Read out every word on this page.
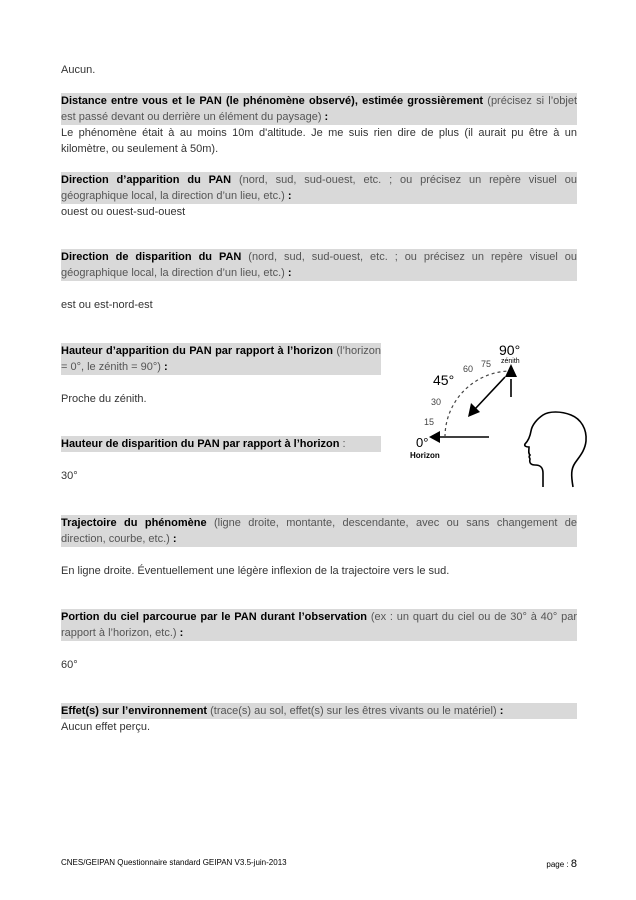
Aucun.
Distance entre vous et le PAN (le phénomène observé), estimée grossièrement (précisez si l’objet est passé devant ou derrière un élément du paysage) :
Le phénomène était à au moins 10m d'altitude. Je me suis rien dire de plus (il aurait pu être à un kilomètre, ou seulement à 50m).
Direction d’apparition du PAN (nord, sud, sud-ouest, etc. ; ou précisez un repère visuel ou géographique local, la direction d’un lieu, etc.) :
ouest ou ouest-sud-ouest
Direction de disparition du PAN (nord, sud, sud-ouest, etc. ; ou précisez un repère visuel ou géographique local, la direction d’un lieu, etc.) :
est ou est-nord-est
Hauteur d’apparition du PAN par rapport à l’horizon (l’horizon = 0°, le zénith = 90°) :
Proche du zénith.
Hauteur de disparition du PAN par rapport à l’horizon :
30°
0°
Horizon
15
30
45°
60 75
90°
zénith
Trajectoire du phénomène (ligne droite, montante, descendante, avec ou sans changement de direction, courbe, etc.) :
En ligne droite. Éventuellement une légère inflexion de la trajectoire vers le sud.
Portion du ciel parcourue par le PAN durant l’observation (ex : un quart du ciel ou de 30° à 40° par rapport à l’horizon, etc.) :
60°
Effet(s) sur l’environnement (trace(s) au sol, effet(s) sur les êtres vivants ou le matériel) :
Aucun effet perçu.
CNES/GEIPAN Questionnaire standard GEIPAN V3.5-juin-2013	page : 8
